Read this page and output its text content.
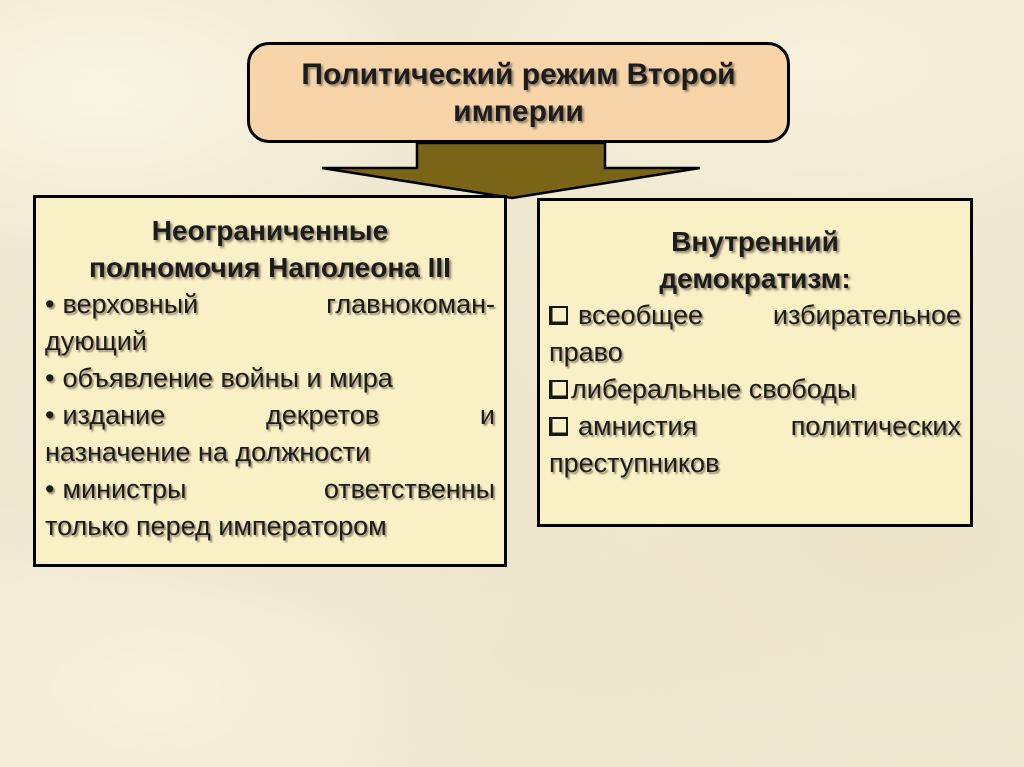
Политический режим Второй
империи
Неограниченные
полномочия Наполеона III
• верховный главнокоман-
дующий
• объявление войны и мира
• издание декретов и
назначение на должности
• министры ответственны
только перед императором
Внутренний
демократизм:
всеобщее избирательное
право
либеральные свободы
амнистия политических
преступников
